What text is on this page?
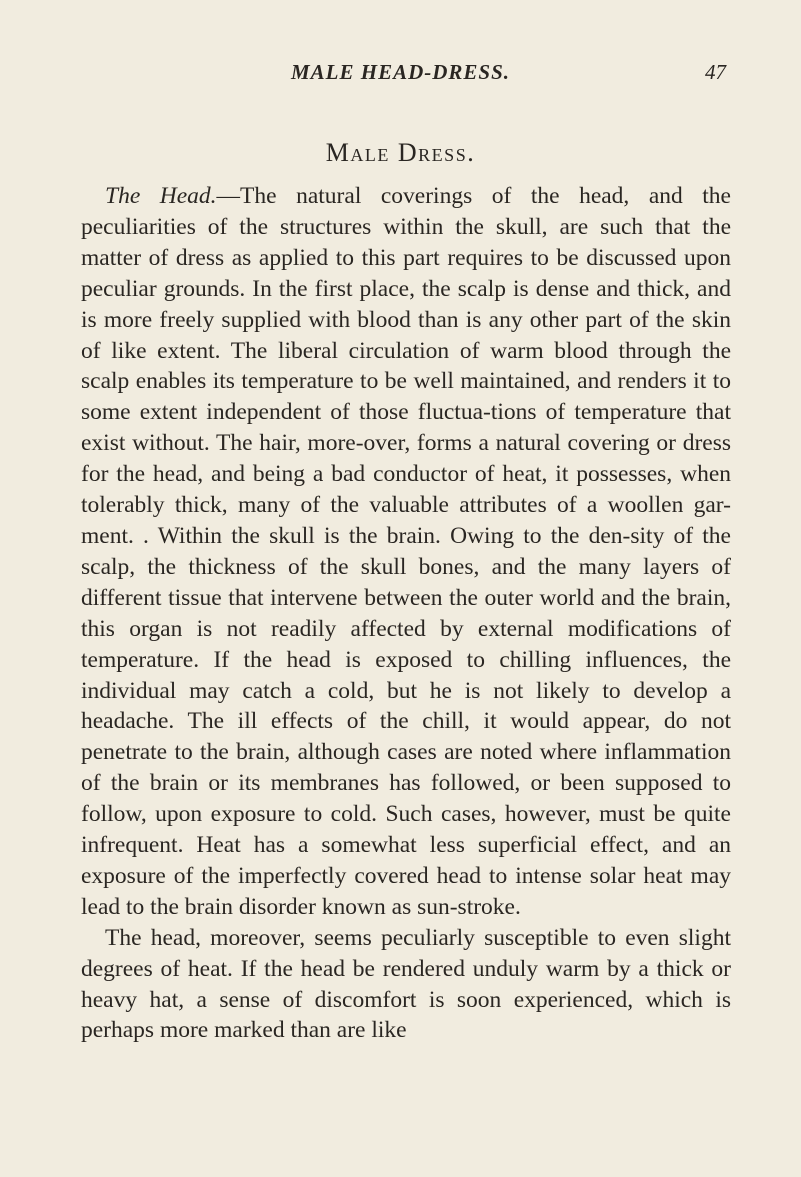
MALE HEAD-DRESS.	47
Male Dress.

The Head.—The natural coverings of the head, and the peculiarities of the structures within the skull, are such that the matter of dress as applied to this part requires to be discussed upon peculiar grounds. In the first place, the scalp is dense and thick, and is more freely supplied with blood than is any other part of the skin of like extent. The liberal circulation of warm blood through the scalp enables its temperature to be well maintained, and renders it to some extent independent of those fluctua-tions of temperature that exist without. The hair, more-over, forms a natural covering or dress for the head, and being a bad conductor of heat, it possesses, when tolerably thick, many of the valuable attributes of a woollen gar-ment. . Within the skull is the brain. Owing to the den-sity of the scalp, the thickness of the skull bones, and the many layers of different tissue that intervene between the outer world and the brain, this organ is not readily affected by external modifications of temperature. If the head is exposed to chilling influences, the individual may catch a cold, but he is not likely to develop a headache. The ill effects of the chill, it would appear, do not penetrate to the brain, although cases are noted where inflammation of the brain or its membranes has followed, or been supposed to follow, upon exposure to cold. Such cases, however, must be quite infrequent. Heat has a somewhat less superficial effect, and an exposure of the imperfectly covered head to intense solar heat may lead to the brain disorder known as sun-stroke.

The head, moreover, seems peculiarly susceptible to even slight degrees of heat. If the head be rendered unduly warm by a thick or heavy hat, a sense of discomfort is soon experienced, which is perhaps more marked than are like
